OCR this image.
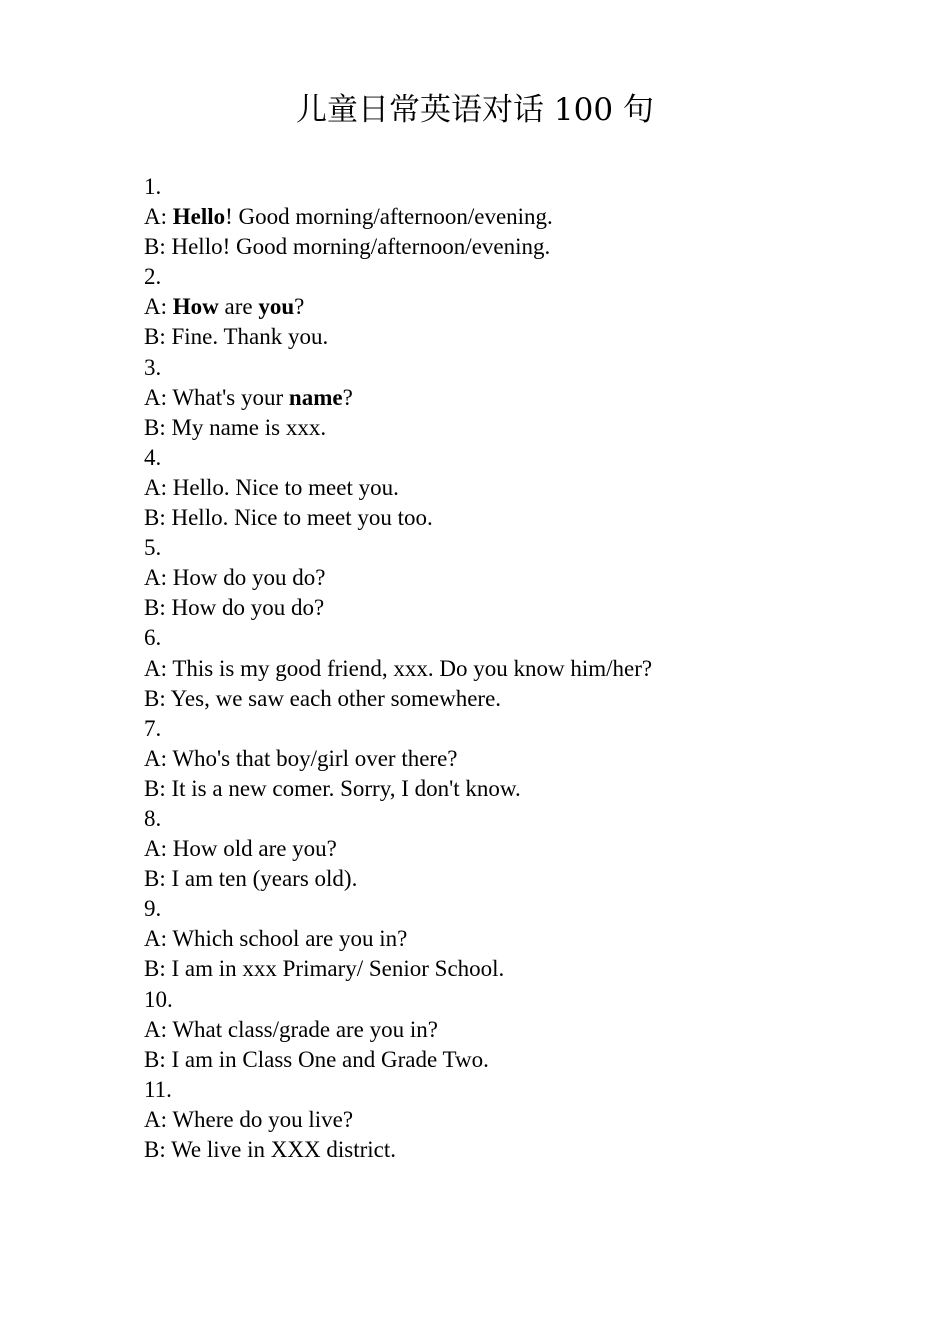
儿童日常英语对话 100 句
1.
A: Hello! Good morning/afternoon/evening.
B: Hello! Good morning/afternoon/evening.
2.
A: How are you?
B: Fine. Thank you.
3.
A: What's your name?
B: My name is xxx.
4.
A: Hello. Nice to meet you.
B: Hello. Nice to meet you too.
5.
A: How do you do?
B: How do you do?
6.
A: This is my good friend, xxx. Do you know him/her?
B: Yes, we saw each other somewhere.
7.
A: Who's that boy/girl over there?
B: It is a new comer. Sorry, I don't know.
8.
A: How old are you?
B: I am ten (years old).
9.
A: Which school are you in?
B: I am in xxx Primary/ Senior School.
10.
A: What class/grade are you in?
B: I am in Class One and Grade Two.
11.
A: Where do you live?
B: We live in XXX district.
